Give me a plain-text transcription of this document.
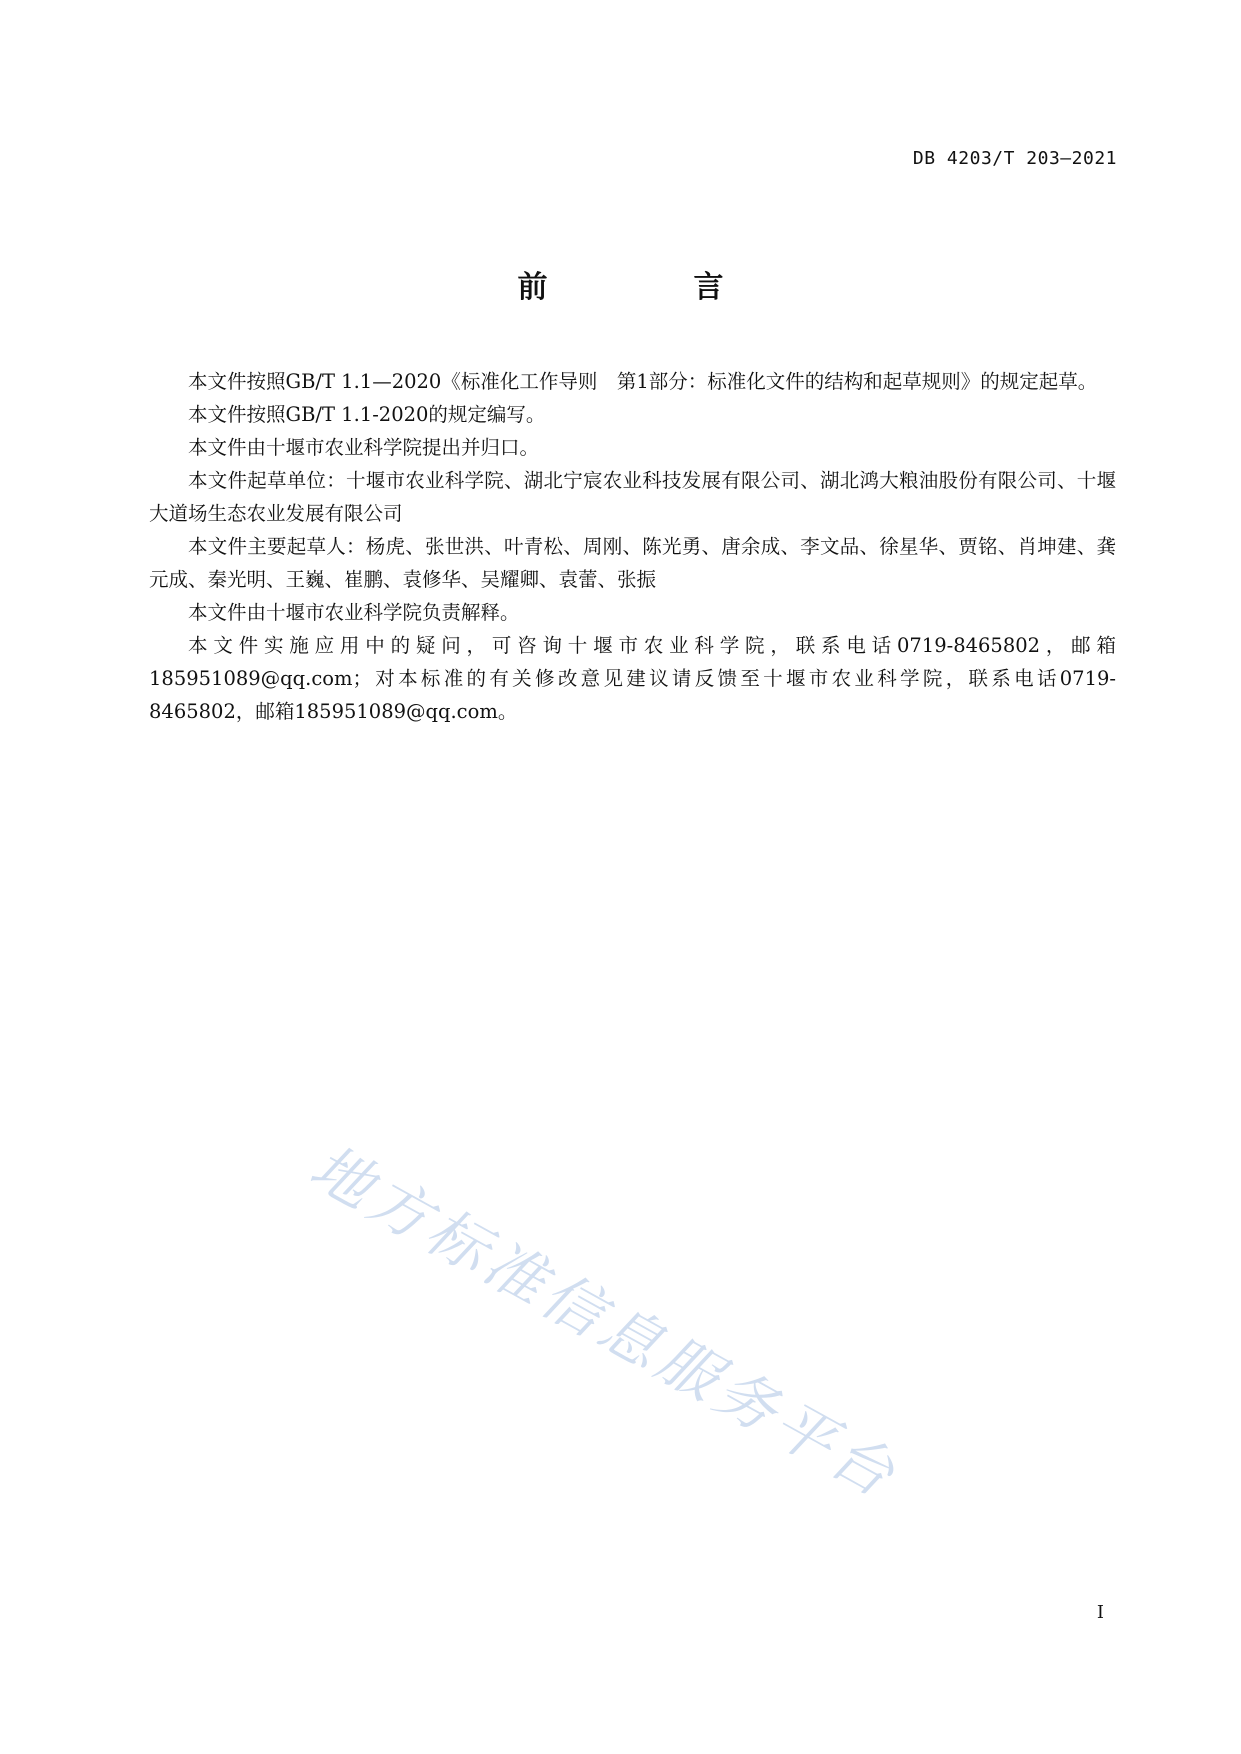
DB 4203/T 203—2021
前　言

本文件按照GB/T 1.1—2020《标准化工作导则　第1部分：标准化文件的结构和起草规则》的规定起草。

本文件按照GB/T 1.1-2020的规定编写。

本文件由十堰市农业科学院提出并归口。

本文件起草单位：十堰市农业科学院、湖北宁宸农业科技发展有限公司、湖北鸿大粮油股份有限公司、十堰大道场生态农业发展有限公司

本文件主要起草人：杨虎、张世洪、叶青松、周刚、陈光勇、唐余成、李文品、徐星华、贾铭、肖坤建、龚元成、秦光明、王巍、崔鹏、袁修华、吴耀卿、袁蕾、张振

本文件由十堰市农业科学院负责解释。

本文件实施应用中的疑问，可咨询十堰市农业科学院，联系电话0719-8465802，邮箱185951089@qq.com；对本标准的有关修改意见建议请反馈至十堰市农业科学院，联系电话0719-8465802，邮箱185951089@qq.com。

地方标准信息服务平台
I
